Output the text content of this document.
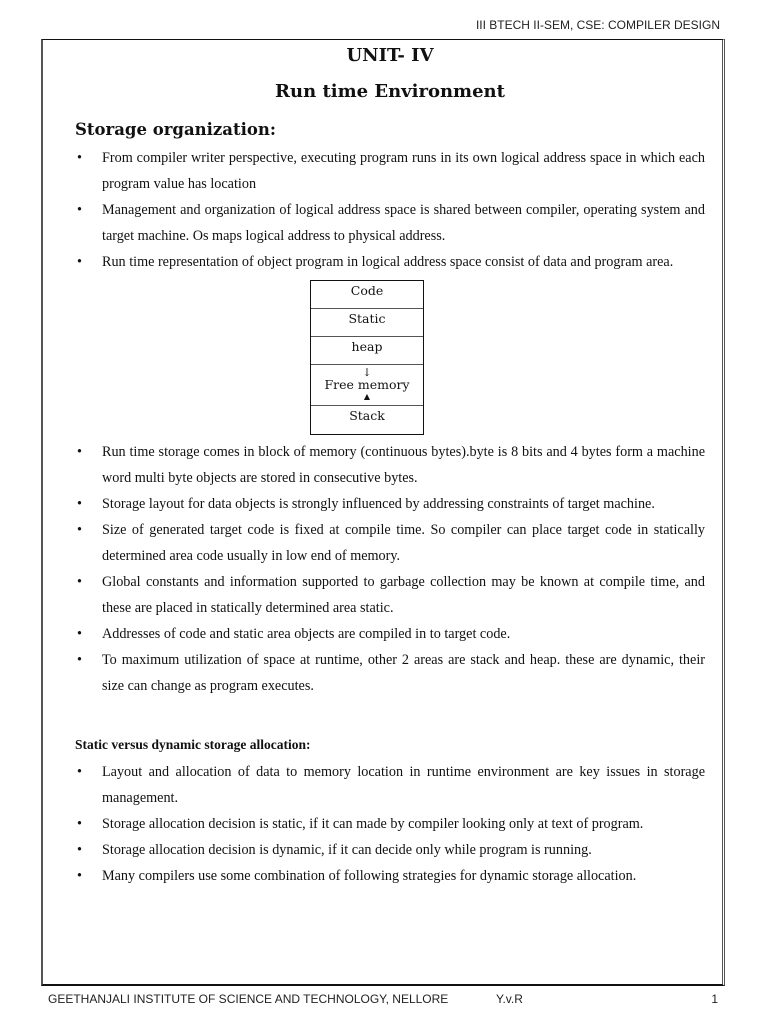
III BTECH II-SEM, CSE: COMPILER DESIGN
UNIT- IV
Run time Environment
Storage organization:
• From compiler writer perspective, executing program runs in its own logical address space in which each program value has location
• Management and organization of logical address space is shared between compiler, operating system and target machine. Os maps logical address to physical address.
• Run time representation of object program in logical address space consist of data and program area.
Code
Static
heap
↓
Free memory
▲
Stack
• Run time storage comes in block of memory (continuous bytes).byte is 8 bits and 4 bytes form a machine word multi byte objects are stored in consecutive bytes.
• Storage layout for data objects is strongly influenced by addressing constraints of target machine.
• Size of generated target code is fixed at compile time. So compiler can place target code in statically determined area code usually in low end of memory.
• Global constants and information supported to garbage collection may be known at compile time, and these are placed in statically determined area static.
• Addresses of code and static area objects are compiled in to target code.
• To maximum utilization of space at runtime, other 2 areas are stack and heap. these are dynamic, their size can change as program executes.
Static versus dynamic storage allocation:
• Layout and allocation of data to memory location in runtime environment are key issues in storage management.
• Storage allocation decision is static, if it can made by compiler looking only at text of program.
• Storage allocation decision is dynamic, if it can decide only while program is running.
• Many compilers use some combination of following strategies for dynamic storage allocation.
GEETHANJALI INSTITUTE OF SCIENCE AND TECHNOLOGY, NELLORE	Y.v.R	1
